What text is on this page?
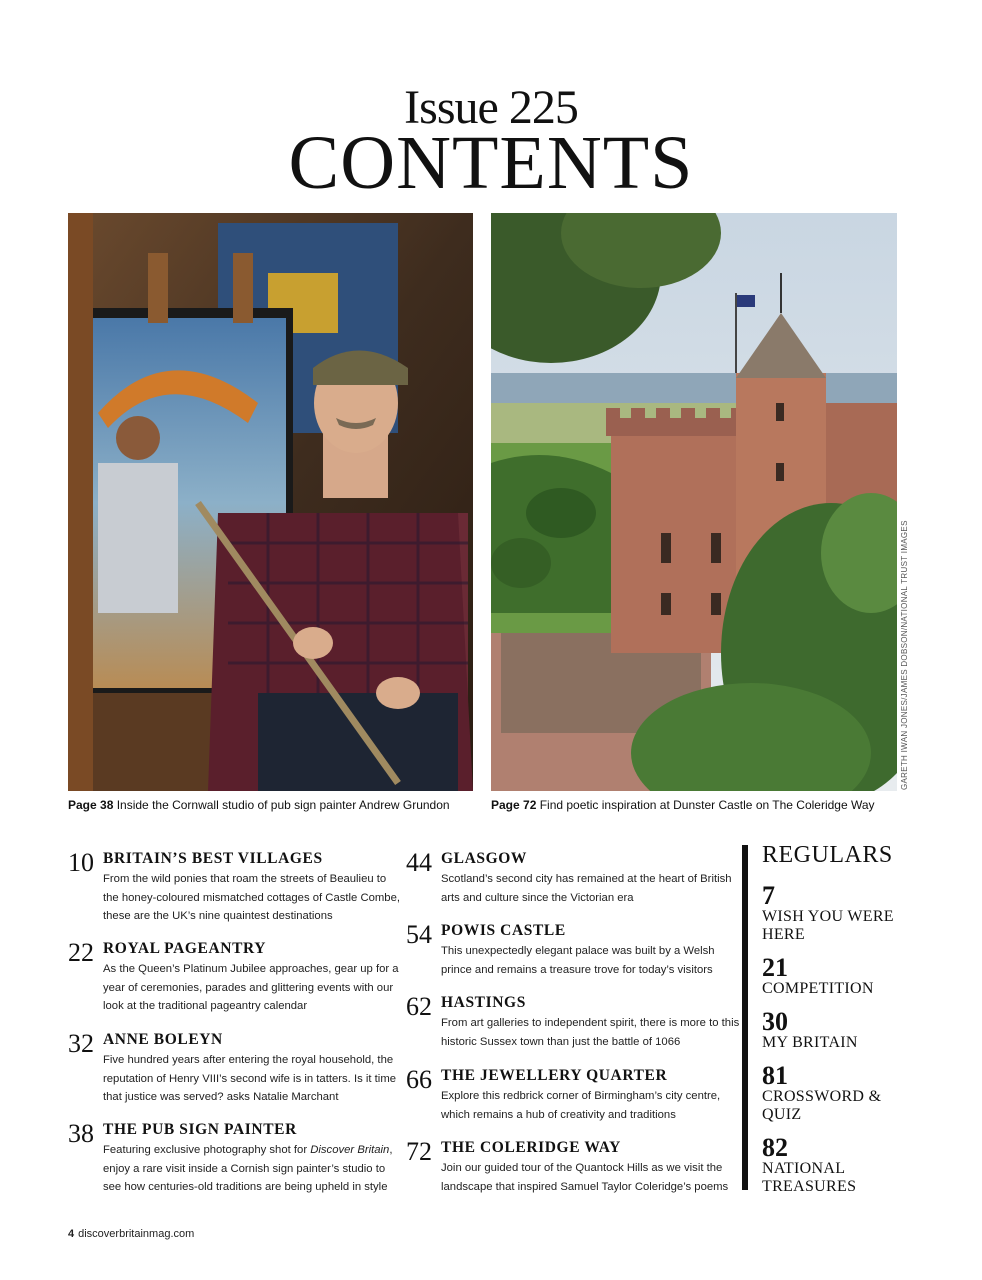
Issue 225
CONTENTS
GARETH IWAN JONES/JAMES DOBSON/NATIONAL TRUST IMAGES
Page 38 Inside the Cornwall studio of pub sign painter Andrew Grundon	Page 72 Find poetic inspiration at Dunster Castle on The Coleridge Way
10 BRITAIN’S BEST VILLAGES
From the wild ponies that roam the streets of Beaulieu to the honey-coloured mismatched cottages of Castle Combe, these are the UK’s nine quaintest destinations
22 ROYAL PAGEANTRY
As the Queen’s Platinum Jubilee approaches, gear up for a year of ceremonies, parades and glittering events with our look at the traditional pageantry calendar
32 ANNE BOLEYN
Five hundred years after entering the royal household, the reputation of Henry VIII’s second wife is in tatters. Is it time that justice was served? asks Natalie Marchant
38 THE PUB SIGN PAINTER
Featuring exclusive photography shot for Discover Britain, enjoy a rare visit inside a Cornish sign painter’s studio to see how centuries-old traditions are being upheld in style
44 GLASGOW
Scotland’s second city has remained at the heart of British arts and culture since the Victorian era
54 POWIS CASTLE
This unexpectedly elegant palace was built by a Welsh prince and remains a treasure trove for today’s visitors
62 HASTINGS
From art galleries to independent spirit, there is more to this historic Sussex town than just the battle of 1066
66 THE JEWELLERY QUARTER
Explore this redbrick corner of Birmingham’s city centre, which remains a hub of creativity and traditions
72 THE COLERIDGE WAY
Join our guided tour of the Quantock Hills as we visit the landscape that inspired Samuel Taylor Coleridge’s poems
REGULARS
7
WISH YOU WERE HERE
21
COMPETITION
30
MY BRITAIN
81
CROSSWORD & QUIZ
82
NATIONAL TREASURES
4 discoverbritainmag.com
